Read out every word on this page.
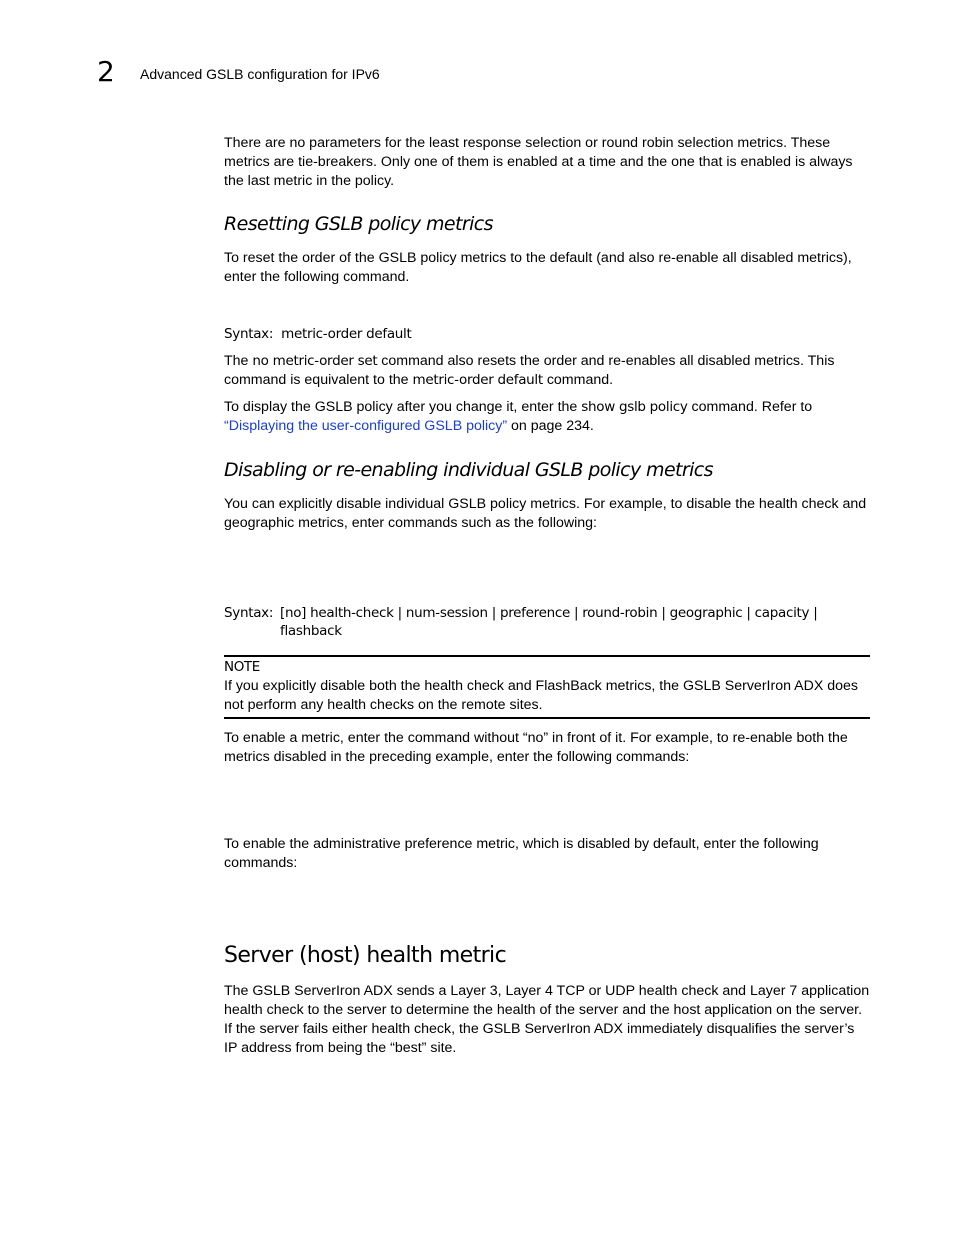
2 Advanced GSLB configuration for IPv6

There are no parameters for the least response selection or round robin selection metrics. These metrics are tie-breakers. Only one of them is enabled at a time and the one that is enabled is always the last metric in the policy.

Resetting GSLB policy metrics

To reset the order of the GSLB policy metrics to the default (and also re-enable all disabled metrics), enter the following command.

Syntax: metric-order default

The no metric-order set command also resets the order and re-enables all disabled metrics. This command is equivalent to the metric-order default command.

To display the GSLB policy after you change it, enter the show gslb policy command. Refer to “Displaying the user-configured GSLB policy” on page 234.

Disabling or re-enabling individual GSLB policy metrics

You can explicitly disable individual GSLB policy metrics. For example, to disable the health check and geographic metrics, enter commands such as the following:

Syntax: [no] health-check | num-session | preference | round-robin | geographic | capacity |
flashback
NOTE

If you explicitly disable both the health check and FlashBack metrics, the GSLB ServerIron ADX does not perform any health checks on the remote sites.

To enable a metric, enter the command without “no” in front of it. For example, to re-enable both the metrics disabled in the preceding example, enter the following commands:

To enable the administrative preference metric, which is disabled by default, enter the following commands:

Server (host) health metric

The GSLB ServerIron ADX sends a Layer 3, Layer 4 TCP or UDP health check and Layer 7 application health check to the server to determine the health of the server and the host application on the server. If the server fails either health check, the GSLB ServerIron ADX immediately disqualifies the server’s IP address from being the “best” site.
